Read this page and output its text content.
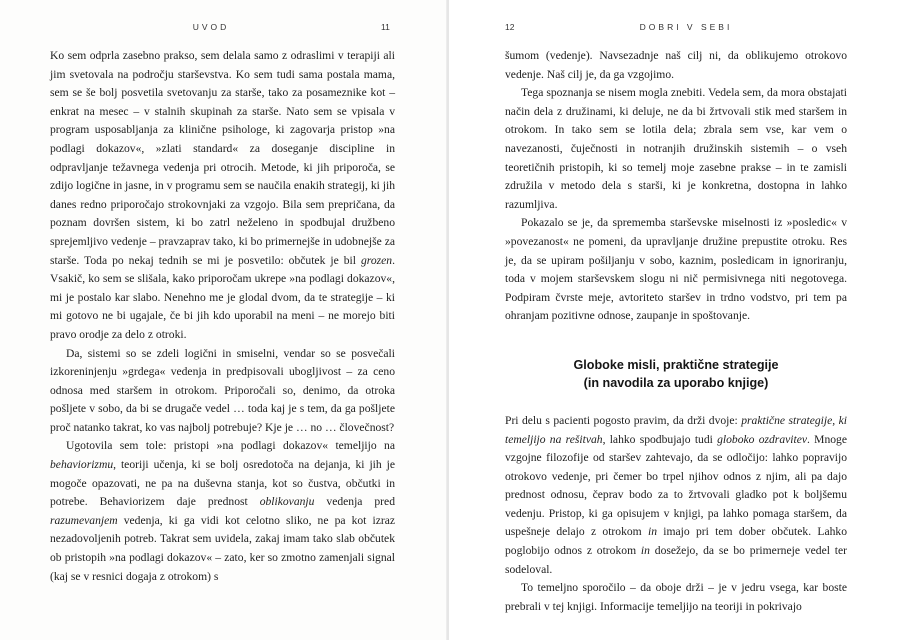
UVOD	11

Ko sem odprla zasebno prakso, sem delala samo z odraslimi v terapiji ali jim svetovala na področju starševstva. Ko sem tudi sama postala mama, sem se še bolj posvetila svetovanju za starše, tako za posameznike kot – enkrat na mesec – v stalnih skupinah za starše. Nato sem se vpisala v program usposabljanja za klinične psihologe, ki zagovarja pristop »na podlagi dokazov«, »zlati standard« za doseganje discipline in odpravljanje težavnega vedenja pri otrocih. Metode, ki jih priporoča, se zdijo logične in jasne, in v programu sem se naučila enakih strategij, ki jih danes redno priporočajo strokovnjaki za vzgojo. Bila sem prepričana, da poznam dovršen sistem, ki bo zatrl neželeno in spodbujal družbeno sprejemljivo vedenje – pravzaprav tako, ki bo primernejše in udobnejše za starše. Toda po nekaj tednih se mi je posvetilo: občutek je bil grozen. Vsakič, ko sem se slišala, kako priporočam ukrepe »na podlagi dokazov«, mi je postalo kar slabo. Nenehno me je glodal dvom, da te strategije – ki mi gotovo ne bi ugajale, če bi jih kdo uporabil na meni – ne morejo biti pravo orodje za delo z otroki.

Da, sistemi so se zdeli logični in smiselni, vendar so se posvečali izkoreninjenju »grdega« vedenja in predpisovali ubogljivost – za ceno odnosa med staršem in otrokom. Priporočali so, denimo, da otroka pošljete v sobo, da bi se drugače vedel … toda kaj je s tem, da ga pošljete proč natanko takrat, ko vas najbolj potrebuje? Kje je … no … človečnost?

Ugotovila sem tole: pristopi »na podlagi dokazov« temeljijo na behaviorizmu, teoriji učenja, ki se bolj osredotoča na dejanja, ki jih je mogoče opazovati, ne pa na duševna stanja, kot so čustva, občutki in potrebe. Behaviorizem daje prednost oblikovanju vedenja pred razumevanjem vedenja, ki ga vidi kot celotno sliko, ne pa kot izraz nezadovoljenih potreb. Takrat sem uvidela, zakaj imam tako slab občutek ob pristopih »na podlagi dokazov« – zato, ker so zmotno zamenjali signal (kaj se v resnici dogaja z otrokom) s

12	DOBRI V SEBI

šumom (vedenje). Navsezadnje naš cilj ni, da oblikujemo otrokovo vedenje. Naš cilj je, da ga vzgojimo.

Tega spoznanja se nisem mogla znebiti. Vedela sem, da mora obstajati način dela z družinami, ki deluje, ne da bi žrtvovali stik med staršem in otrokom. In tako sem se lotila dela; zbrala sem vse, kar vem o navezanosti, čuječnosti in notranjih družinskih sistemih – o vseh teoretičnih pristopih, ki so temelj moje zasebne prakse – in te zamisli združila v metodo dela s starši, ki je konkretna, dostopna in lahko razumljiva.

Pokazalo se je, da sprememba starševske miselnosti iz »posledic« v »povezanost« ne pomeni, da upravljanje družine prepustite otroku. Res je, da se upiram pošiljanju v sobo, kaznim, posledicam in ignoriranju, toda v mojem starševskem slogu ni nič permisivnega niti negotovega. Podpiram čvrste meje, avtoriteto staršev in trdno vodstvo, pri tem pa ohranjam pozitivne odnose, zaupanje in spoštovanje.

Globoke misli, praktične strategije
(in navodila za uporabo knjige)

Pri delu s pacienti pogosto pravim, da drži dvoje: praktične strategije, ki temeljijo na rešitvah, lahko spodbujajo tudi globoko ozdravitev. Mnoge vzgojne filozofije od staršev zahtevajo, da se odločijo: lahko popravijo otrokovo vedenje, pri čemer bo trpel njihov odnos z njim, ali pa dajo prednost odnosu, čeprav bodo za to žrtvovali gladko pot k boljšemu vedenju. Pristop, ki ga opisujem v knjigi, pa lahko pomaga staršem, da uspešneje delajo z otrokom in imajo pri tem dober občutek. Lahko poglobijo odnos z otrokom in dosežejo, da se bo primerneje vedel ter sodeloval.

To temeljno sporočilo – da oboje drži – je v jedru vsega, kar boste prebrali v tej knjigi. Informacije temeljijo na teoriji in pokrivajo
